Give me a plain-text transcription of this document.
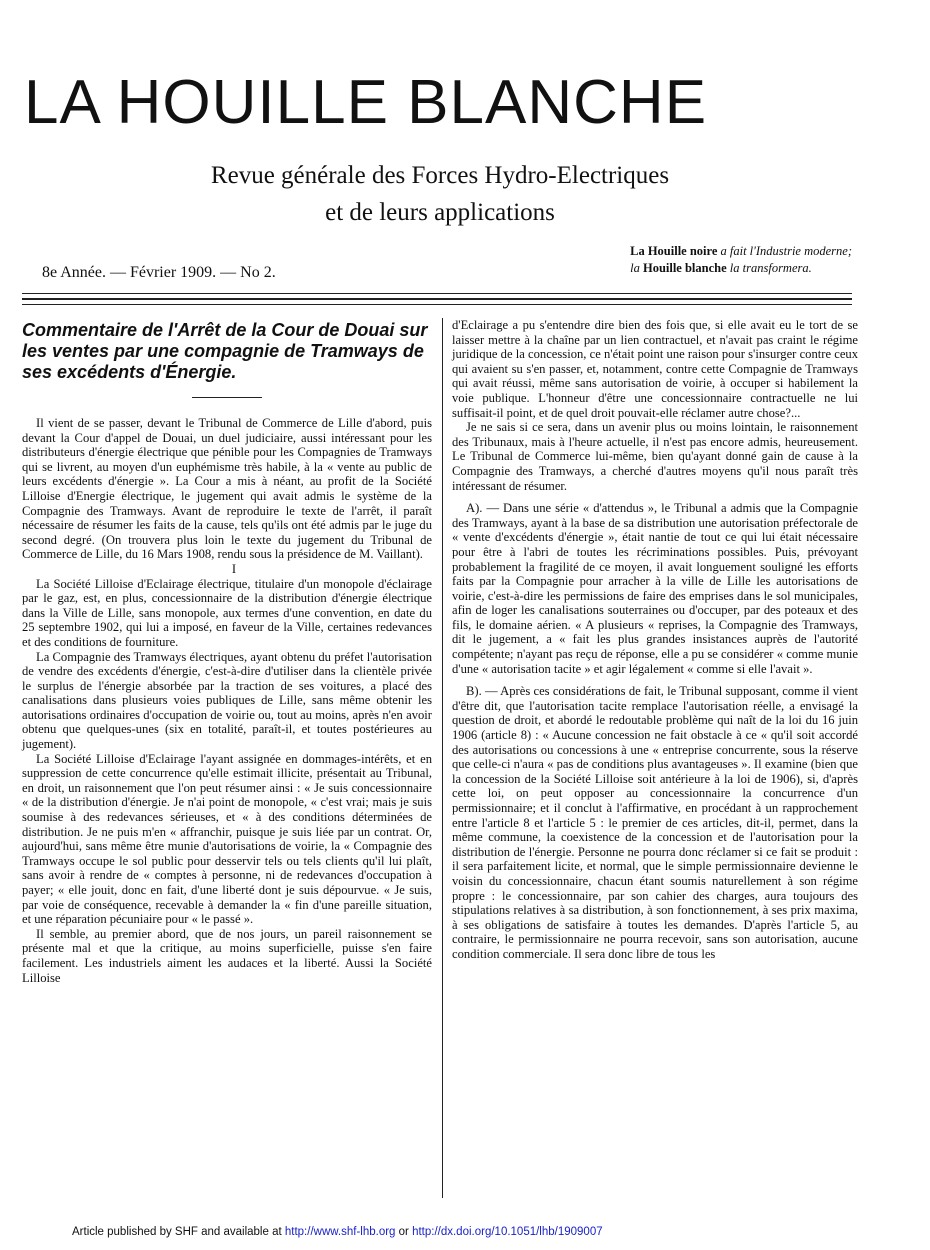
LA HOUILLE BLANCHE
Revue générale des Forces Hydro-Electriques
et de leurs applications
8e Année. — Février 1909. — No 2.
La Houille noire a fait l'Industrie moderne;
la Houille blanche la transformera.
Commentaire de l'Arrêt de la Cour de Douai sur les ventes par une compagnie de Tramways de ses excédents d'Énergie.

Il vient de se passer, devant le Tribunal de Commerce de Lille d'abord, puis devant la Cour d'appel de Douai, un duel judiciaire, aussi intéressant pour les distributeurs d'énergie électrique que pénible pour les Compagnies de Tramways qui se livrent, au moyen d'un euphémisme très habile, à la « vente au public de leurs excédents d'énergie ». La Cour a mis à néant, au profit de la Société Lilloise d'Energie électrique, le jugement qui avait admis le système de la Compagnie des Tramways. Avant de reproduire le texte de l'arrêt, il paraît nécessaire de résumer les faits de la cause, tels qu'ils ont été admis par le juge du second degré. (On trouvera plus loin le texte du jugement du Tribunal de Commerce de Lille, du 16 Mars 1908, rendu sous la présidence de M. Vaillant).

I

La Société Lilloise d'Eclairage électrique, titulaire d'un monopole d'éclairage par le gaz, est, en plus, concessionnaire de la distribution d'énergie électrique dans la Ville de Lille, sans monopole, aux termes d'une convention, en date du 25 septembre 1902, qui lui a imposé, en faveur de la Ville, certaines redevances et des conditions de fourniture.

La Compagnie des Tramways électriques, ayant obtenu du préfet l'autorisation de vendre des excédents d'énergie, c'est-à-dire d'utiliser dans la clientèle privée le surplus de l'énergie absorbée par la traction de ses voitures, a placé des canalisations dans plusieurs voies publiques de Lille, sans même obtenir les autorisations ordinaires d'occupation de voirie ou, tout au moins, après n'en avoir obtenu que quelques-unes (six en totalité, paraît-il, et toutes postérieures au jugement).

La Société Lilloise d'Eclairage l'ayant assignée en dommages-intérêts, et en suppression de cette concurrence qu'elle estimait illicite, présentait au Tribunal, en droit, un raisonnement que l'on peut résumer ainsi : « Je suis concessionnaire « de la distribution d'énergie. Je n'ai point de monopole, « c'est vrai; mais je suis soumise à des redevances sérieuses, et « à des conditions déterminées de distribution. Je ne puis m'en « affranchir, puisque je suis liée par un contrat. Or, aujourd'hui, sans même être munie d'autorisations de voirie, la « Compagnie des Tramways occupe le sol public pour desservir tels ou tels clients qu'il lui plaît, sans avoir à rendre de « comptes à personne, ni de redevances d'occupation à payer; « elle jouit, donc en fait, d'une liberté dont je suis dépourvue. « Je suis, par voie de conséquence, recevable à demander la « fin d'une pareille situation, et une réparation pécuniaire pour « le passé ».

Il semble, au premier abord, que de nos jours, un pareil raisonnement se présente mal et que la critique, au moins superficielle, puisse s'en faire facilement. Les industriels aiment les audaces et la liberté. Aussi la Société Lilloise

d'Eclairage a pu s'entendre dire bien des fois que, si elle avait eu le tort de se laisser mettre à la chaîne par un lien contractuel, et n'avait pas craint le régime juridique de la concession, ce n'était point une raison pour s'insurger contre ceux qui avaient su s'en passer, et, notamment, contre cette Compagnie de Tramways qui avait réussi, même sans autorisation de voirie, à occuper si habilement la voie publique. L'honneur d'être une concessionnaire contractuelle ne lui suffisait-il point, et de quel droit pouvait-elle réclamer autre chose?...

Je ne sais si ce sera, dans un avenir plus ou moins lointain, le raisonnement des Tribunaux, mais à l'heure actuelle, il n'est pas encore admis, heureusement. Le Tribunal de Commerce lui-même, bien qu'ayant donné gain de cause à la Compagnie des Tramways, a cherché d'autres moyens qu'il nous paraît très intéressant de résumer.

A). — Dans une série « d'attendus », le Tribunal a admis que la Compagnie des Tramways, ayant à la base de sa distribution une autorisation préfectorale de « vente d'excédents d'énergie », était nantie de tout ce qui lui était nécessaire pour être à l'abri de toutes les récriminations possibles. Puis, prévoyant probablement la fragilité de ce moyen, il avait longuement souligné les efforts faits par la Compagnie pour arracher à la ville de Lille les autorisations de voirie, c'est-à-dire les permissions de faire des emprises dans le sol municipales, afin de loger les canalisations souterraines ou d'occuper, par des poteaux et des fils, le domaine aérien. « A plusieurs « reprises, la Compagnie des Tramways, dit le jugement, a « fait les plus grandes insistances auprès de l'autorité compétente; n'ayant pas reçu de réponse, elle a pu se considérer « comme munie d'une « autorisation tacite » et agir légalement « comme si elle l'avait ».

B). — Après ces considérations de fait, le Tribunal supposant, comme il vient d'être dit, que l'autorisation tacite remplace l'autorisation réelle, a envisagé la question de droit, et abordé le redoutable problème qui naît de la loi du 16 juin 1906 (article 8) : « Aucune concession ne fait obstacle à ce « qu'il soit accordé des autorisations ou concessions à une « entreprise concurrente, sous la réserve que celle-ci n'aura « pas de conditions plus avantageuses ». Il examine (bien que la concession de la Société Lilloise soit antérieure à la loi de 1906), si, d'après cette loi, on peut opposer au concessionnaire la concurrence d'un permissionnaire; et il conclut à l'affirmative, en procédant à un rapprochement entre l'article 8 et l'article 5 : le premier de ces articles, dit-il, permet, dans la même commune, la coexistence de la concession et de l'autorisation pour la distribution de l'énergie. Personne ne pourra donc réclamer si ce fait se produit : il sera parfaitement licite, et normal, que le simple permissionnaire devienne le voisin du concessionnaire, chacun étant soumis naturellement à son régime propre : le concessionnaire, par son cahier des charges, aura toujours des stipulations relatives à sa distribution, à son fonctionnement, à ses prix maxima, à ses obligations de satisfaire à toutes les demandes. D'après l'article 5, au contraire, le permissionnaire ne pourra recevoir, sans son autorisation, aucune condition commerciale. Il sera donc libre de tous les

Article published by SHF and available at http://www.shf-lhb.org or http://dx.doi.org/10.1051/lhb/1909007
